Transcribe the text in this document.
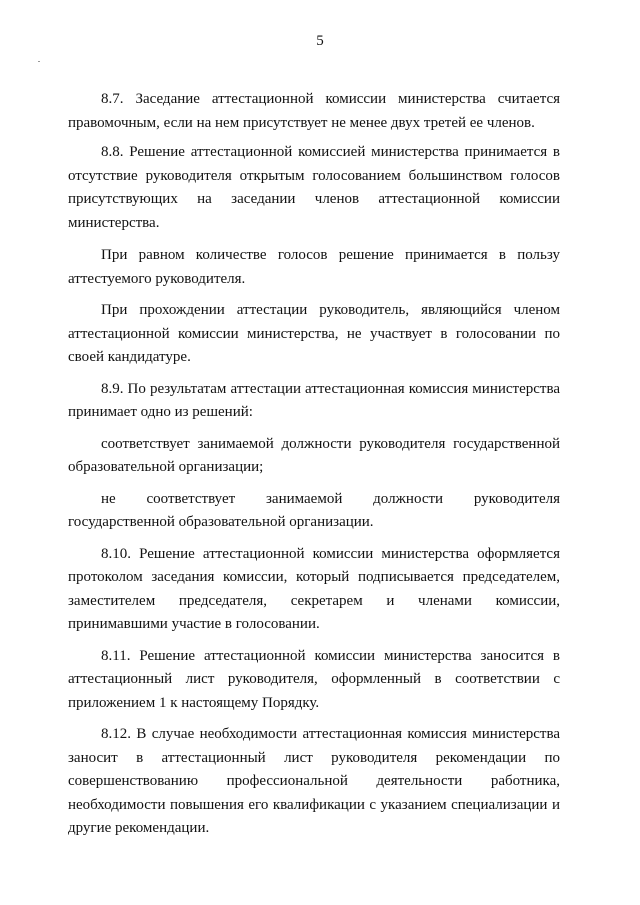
5

8.7. Заседание аттестационной комиссии министерства считается правомочным, если на нем присутствует не менее двух третей ее членов.

8.8. Решение аттестационной комиссией министерства принимается в отсутствие руководителя открытым голосованием большинством голосов присутствующих на заседании членов аттестационной комиссии министерства.

При равном количестве голосов решение принимается в пользу аттестуемого руководителя.

При прохождении аттестации руководитель, являющийся членом аттестационной комиссии министерства, не участвует в голосовании по своей кандидатуре.

8.9. По результатам аттестации аттестационная комиссия министерства принимает одно из решений:

соответствует занимаемой должности руководителя государственной образовательной организации;

не соответствует занимаемой должности руководителя государственной образовательной организации.

8.10. Решение аттестационной комиссии министерства оформляется протоколом заседания комиссии, который подписывается председателем, заместителем председателя, секретарем и членами комиссии, принимавшими участие в голосовании.

8.11. Решение аттестационной комиссии министерства заносится в аттестационный лист руководителя, оформленный в соответствии с приложением 1 к настоящему Порядку.

8.12. В случае необходимости аттестационная комиссия министерства заносит в аттестационный лист руководителя рекомендации по совершенствованию профессиональной деятельности работника, необходимости повышения его квалификации с указанием специализации и другие рекомендации.
